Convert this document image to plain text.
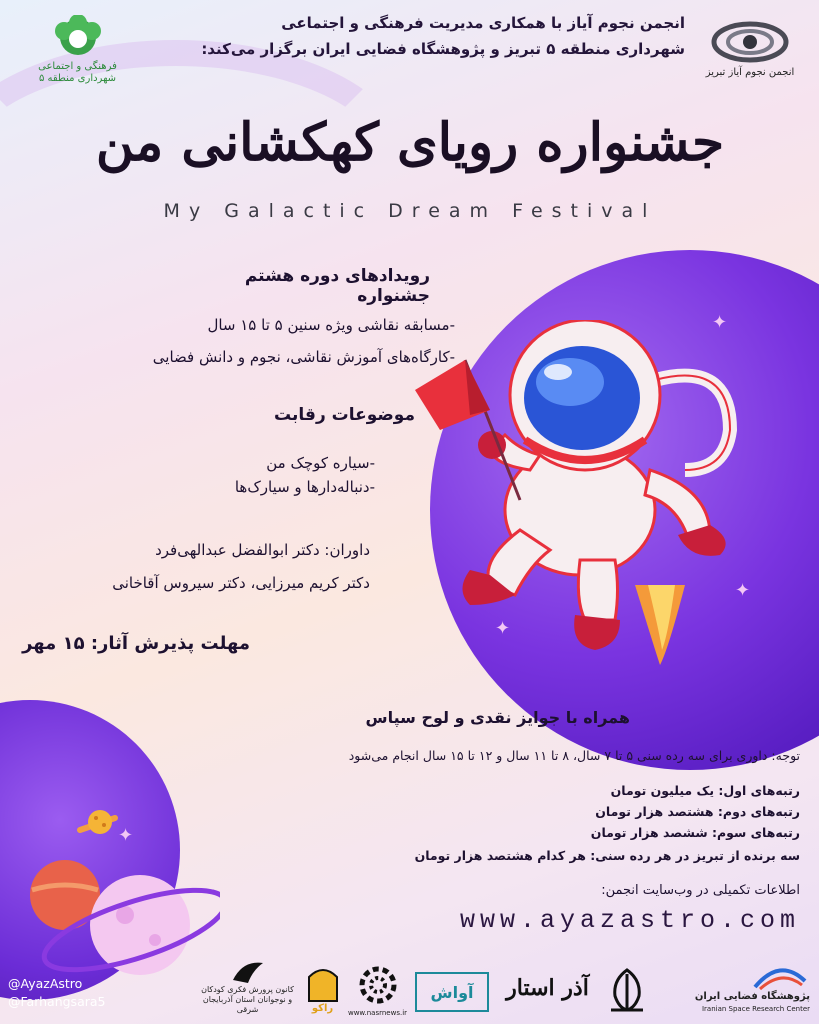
فرهنگی و اجتماعی
شهرداری منطقه ۵
انجمن نجوم آیاز تبریز
انجمن نجوم آیاز با همکاری مدیریت فرهنگی و اجتماعی
شهرداری منطقه ۵ تبریز و پژوهشگاه فضایی ایران برگزار می‌کند:
جشنواره رویای کهکشانی من
My Galactic Dream Festival
رویدادهای دوره هشتم جشنواره
-مسابقه نقاشی ویژه سنین ۵ تا ۱۵ سال
-کارگاه‌های آموزش نقاشی، نجوم و دانش فضایی
موضوعات رقابت
-سیاره کوچک من
-دنباله‌دارها و سیارک‌ها
داوران: دکتر ابوالفضل عبدالهی‌فرد
دکتر کریم میرزایی، دکتر سیروس آقاخانی
مهلت پذیرش آثار: ۱۵ مهر
✦
✦
✦
✦
همراه با جوایز نقدی و لوح سپاس
توجه: داوری برای سه رده سنی ۵ تا ۷ سال، ۸ تا ۱۱ سال و ۱۲ تا ۱۵ سال انجام می‌شود
رتبه‌های اول: یک میلیون تومان
رتبه‌های دوم: هشتصد هزار تومان
رتبه‌های سوم: ششصد هزار تومان
سه برنده از تبریز در هر رده سنی: هر کدام هشتصد هزار تومان
اطلاعات تکمیلی در وب‌سایت انجمن:
www.ayazastro.com
@AyazAstro
@Farhangsara5
کانون پرورش فکری کودکان و نوجوانان استان آذربایجان شرقی	راکو www.nasrnews.ir
آواش آذر استار	پژوهشگاه فضایی ایران
Iranian Space Research Center
